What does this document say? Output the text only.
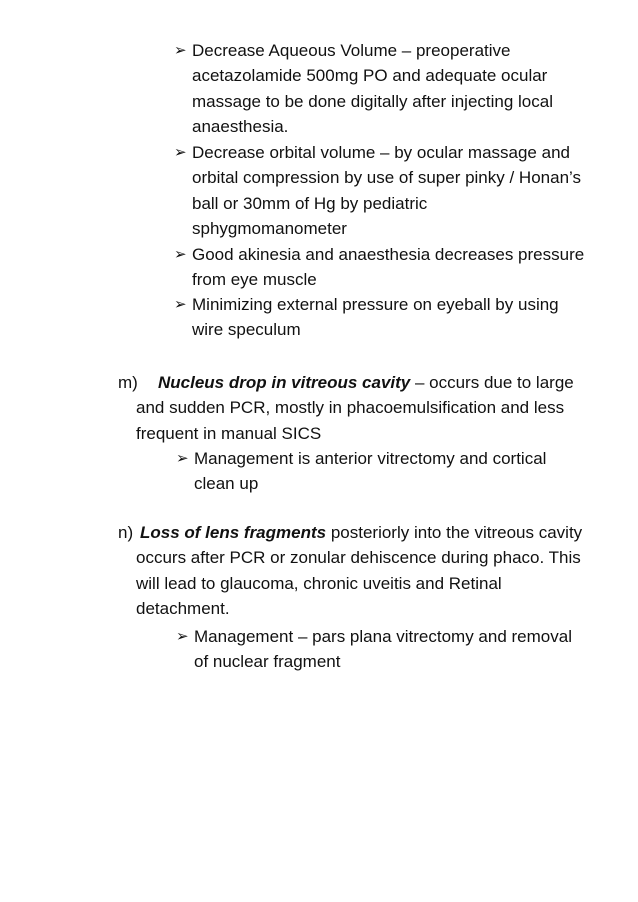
➢ Decrease Aqueous Volume – preoperative
acetazolamide 500mg PO and adequate ocular
massage to be done digitally after injecting local
anaesthesia.
➢ Decrease orbital volume – by ocular massage and
orbital compression by use of super pinky / Honan’s
ball or 30mm of Hg by pediatric
sphygmomanometer
➢ Good akinesia and anaesthesia decreases pressure
from eye muscle
➢ Minimizing external pressure on eyeball by using
wire speculum
m) Nucleus drop in vitreous cavity – occurs due to large
and sudden PCR, mostly in phacoemulsification and less
frequent in manual SICS
➢ Management is anterior vitrectomy and cortical
clean up
n) Loss of lens fragments posteriorly into the vitreous cavity
occurs after PCR or zonular dehiscence during phaco. This
will lead to glaucoma, chronic uveitis and Retinal
detachment.
➢ Management – pars plana vitrectomy and removal
of nuclear fragment
